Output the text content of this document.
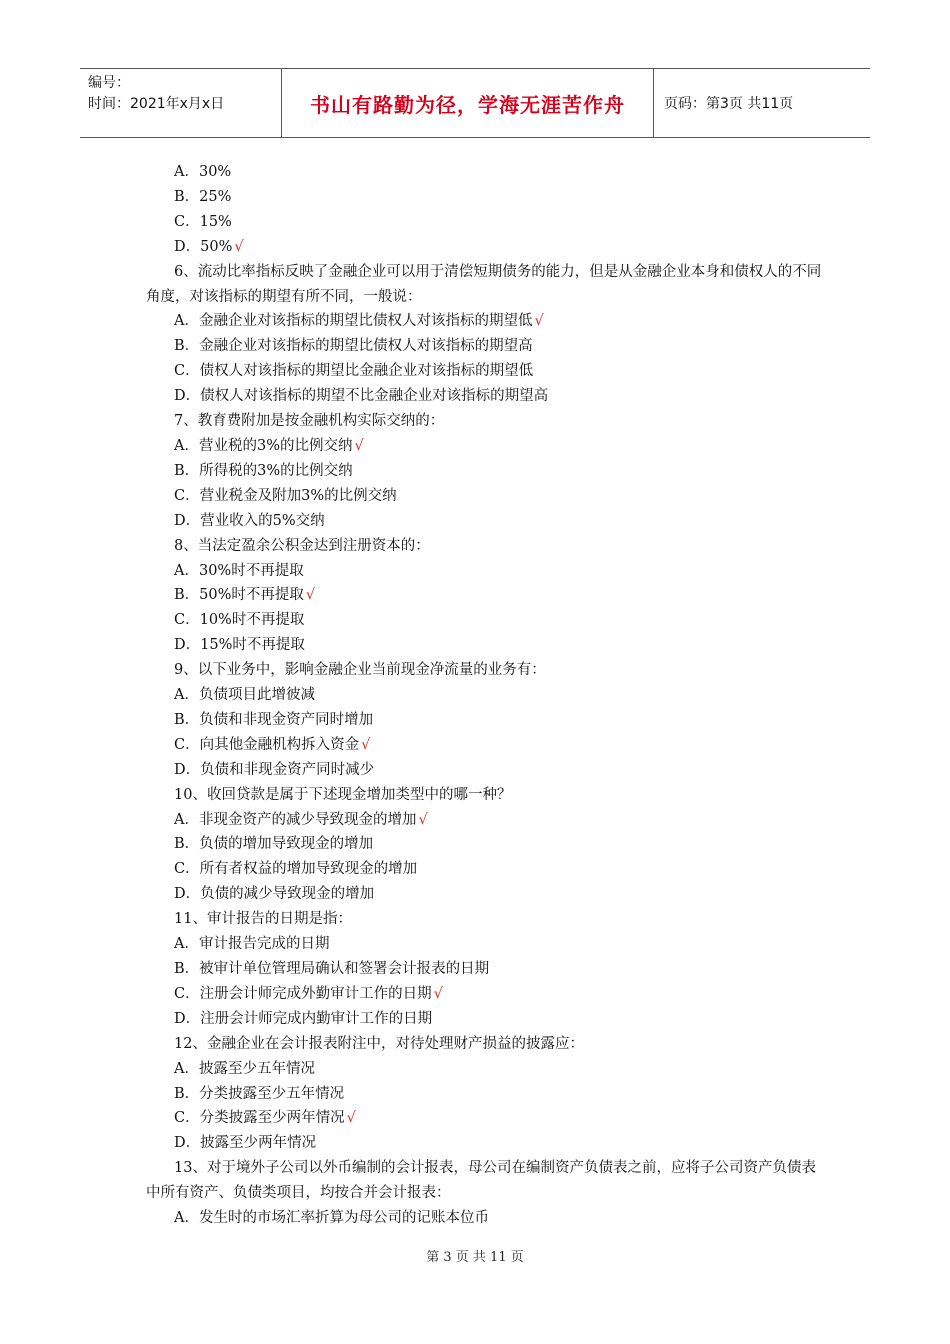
编号：
时间：2021年x月x日	书山有路勤为径，学海无涯苦作舟	页码：第3页 共11页
A．30%
B．25%
C．15%
D．50% √
6、流动比率指标反映了金融企业可以用于清偿短期债务的能力，但是从金融企业本身和债权人的不同角度，对该指标的期望有所不同，一般说：
A．金融企业对该指标的期望比债权人对该指标的期望低 √
B．金融企业对该指标的期望比债权人对该指标的期望高
C．债权人对该指标的期望比金融企业对该指标的期望低
D．债权人对该指标的期望不比金融企业对该指标的期望高
7、教育费附加是按金融机构实际交纳的：
A．营业税的3%的比例交纳 √
B．所得税的3%的比例交纳
C．营业税金及附加3%的比例交纳
D．营业收入的5%交纳
8、当法定盈余公积金达到注册资本的：
A．30%时不再提取
B．50%时不再提取 √
C．10%时不再提取
D．15%时不再提取
9、以下业务中，影响金融企业当前现金净流量的业务有：
A．负债项目此增彼减
B．负债和非现金资产同时增加
C．向其他金融机构拆入资金 √
D．负债和非现金资产同时减少
10、收回贷款是属于下述现金增加类型中的哪一种？
A．非现金资产的减少导致现金的增加 √
B．负债的增加导致现金的增加
C．所有者权益的增加导致现金的增加
D．负债的减少导致现金的增加
11、审计报告的日期是指：
A．审计报告完成的日期
B．被审计单位管理局确认和签署会计报表的日期
C．注册会计师完成外勤审计工作的日期 √
D．注册会计师完成内勤审计工作的日期
12、金融企业在会计报表附注中，对待处理财产损益的披露应：
A．披露至少五年情况
B．分类披露至少五年情况
C．分类披露至少两年情况 √
D．披露至少两年情况
13、对于境外子公司以外币编制的会计报表，母公司在编制资产负债表之前，应将子公司资产负债表中所有资产、负债类项目，均按合并会计报表：
A．发生时的市场汇率折算为母公司的记账本位币
第 3 页 共 11 页
